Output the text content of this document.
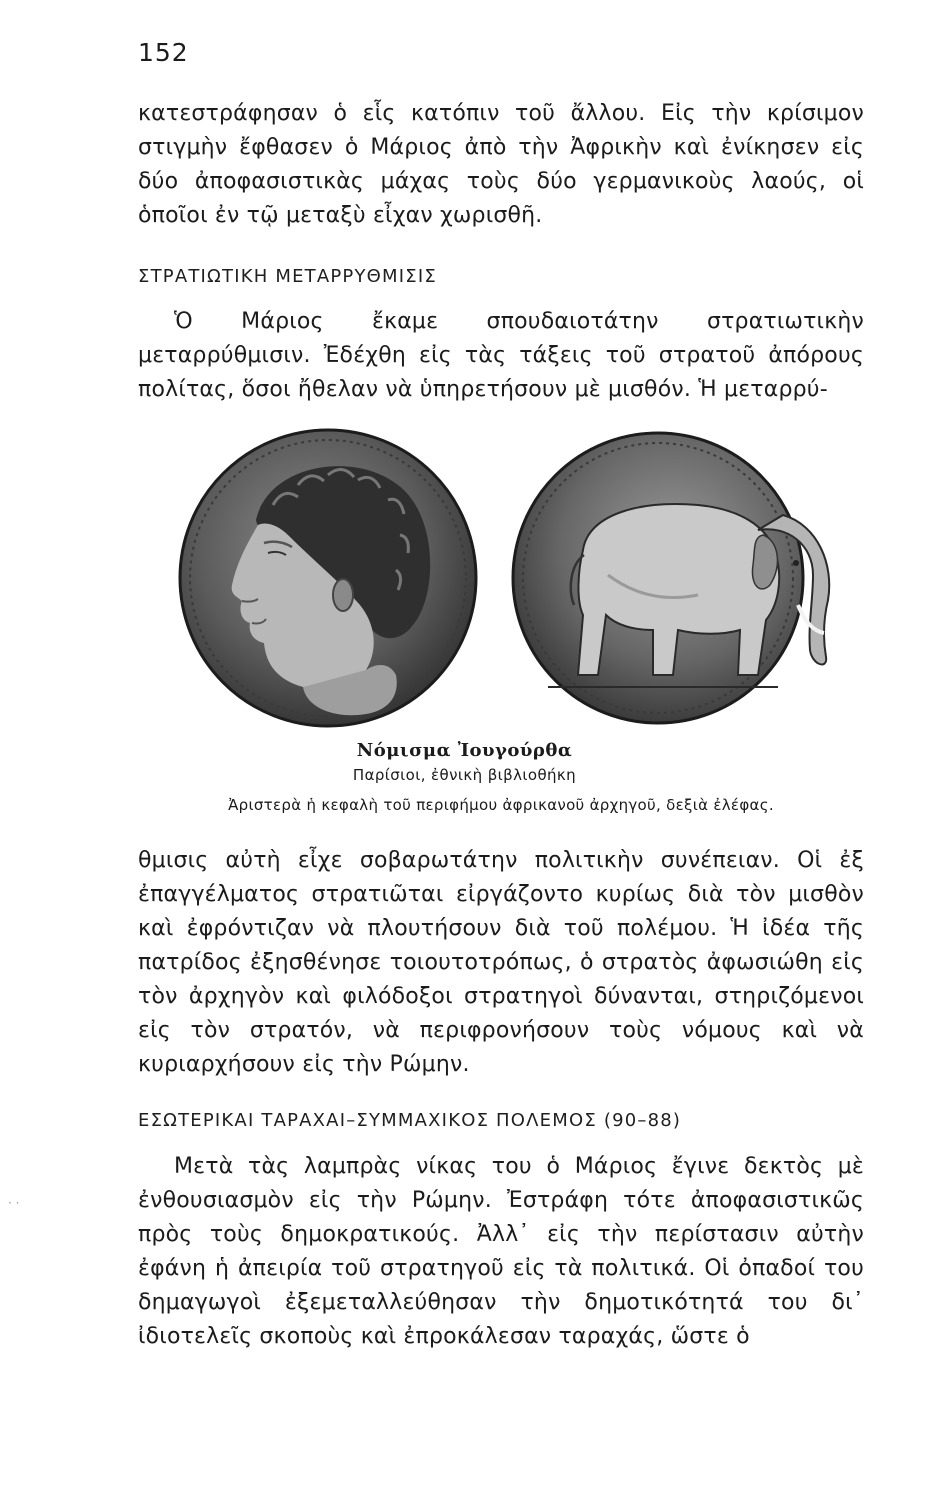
152

κατεστράφησαν ὁ εἷς κατόπιν τοῦ ἄλλου. Εἰς τὴν κρίσιμον στιγμὴν ἔφθασεν ὁ Μάριος ἀπὸ τὴν Ἀφρικὴν καὶ ἐνίκησεν εἰς δύο ἀποφασιστικὰς μάχας τοὺς δύο γερμανικοὺς λαούς, οἱ ὁποῖοι ἐν τῷ μεταξὺ εἶχαν χωρισθῆ.

ΣΤΡΑΤΙΩΤΙΚΗ ΜΕΤΑΡΡΥΘΜΙΣΙΣ

Ὁ Μάριος ἔκαμε σπουδαιοτάτην στρατιωτικὴν μεταρρύθμισιν. Ἐδέχθη εἰς τὰς τάξεις τοῦ στρατοῦ ἀπόρους πολίτας, ὅσοι ἤθελαν νὰ ὑπηρετήσουν μὲ μισθόν. Ἡ μεταρρύ-

Νόμισμα Ἰουγούρθα
Παρίσιοι, ἐθνικὴ βιβλιοθήκη
Ἀριστερὰ ἡ κεφαλὴ τοῦ περιφήμου ἀφρικανοῦ ἀρχηγοῦ, δεξιὰ ἐλέφας.

θμισις αὐτὴ εἶχε σοβαρωτάτην πολιτικὴν συνέπειαν. Οἱ ἐξ ἐπαγγέλματος στρατιῶται εἰργάζοντο κυρίως διὰ τὸν μισθὸν καὶ ἐφρόντιζαν νὰ πλουτήσουν διὰ τοῦ πολέμου. Ἡ ἰδέα τῆς πατρίδος ἐξησθένησε τοιουτοτρόπως, ὁ στρατὸς ἀφωσιώθη εἰς τὸν ἀρχηγὸν καὶ φιλόδοξοι στρατηγοὶ δύνανται, στηριζόμενοι εἰς τὸν στρατόν, νὰ περιφρονήσουν τοὺς νόμους καὶ νὰ κυριαρχήσουν εἰς τὴν Ρώμην.

ΕΣΩΤΕΡΙΚΑΙ ΤΑΡΑΧΑΙ–ΣΥΜΜΑΧΙΚΟΣ ΠΟΛΕΜΟΣ (90–88)

Μετὰ τὰς λαμπρὰς νίκας του ὁ Μάριος ἔγινε δεκτὸς μὲ ἐνθουσιασμὸν εἰς τὴν Ρώμην. Ἐστράφη τότε ἀποφασιστικῶς πρὸς τοὺς δημοκρατικούς. Ἀλλ᾿ εἰς τὴν περίστασιν αὐτὴν ἐφάνη ἡ ἀπειρία τοῦ στρατηγοῦ εἰς τὰ πολιτικά. Οἱ ὀπαδοί του δημαγωγοὶ ἐξεμεταλλεύθησαν τὴν δημοτικότητά του δι᾿ ἰδιοτελεῖς σκοποὺς καὶ ἐπροκάλεσαν ταραχάς, ὥστε ὁ

· ·
